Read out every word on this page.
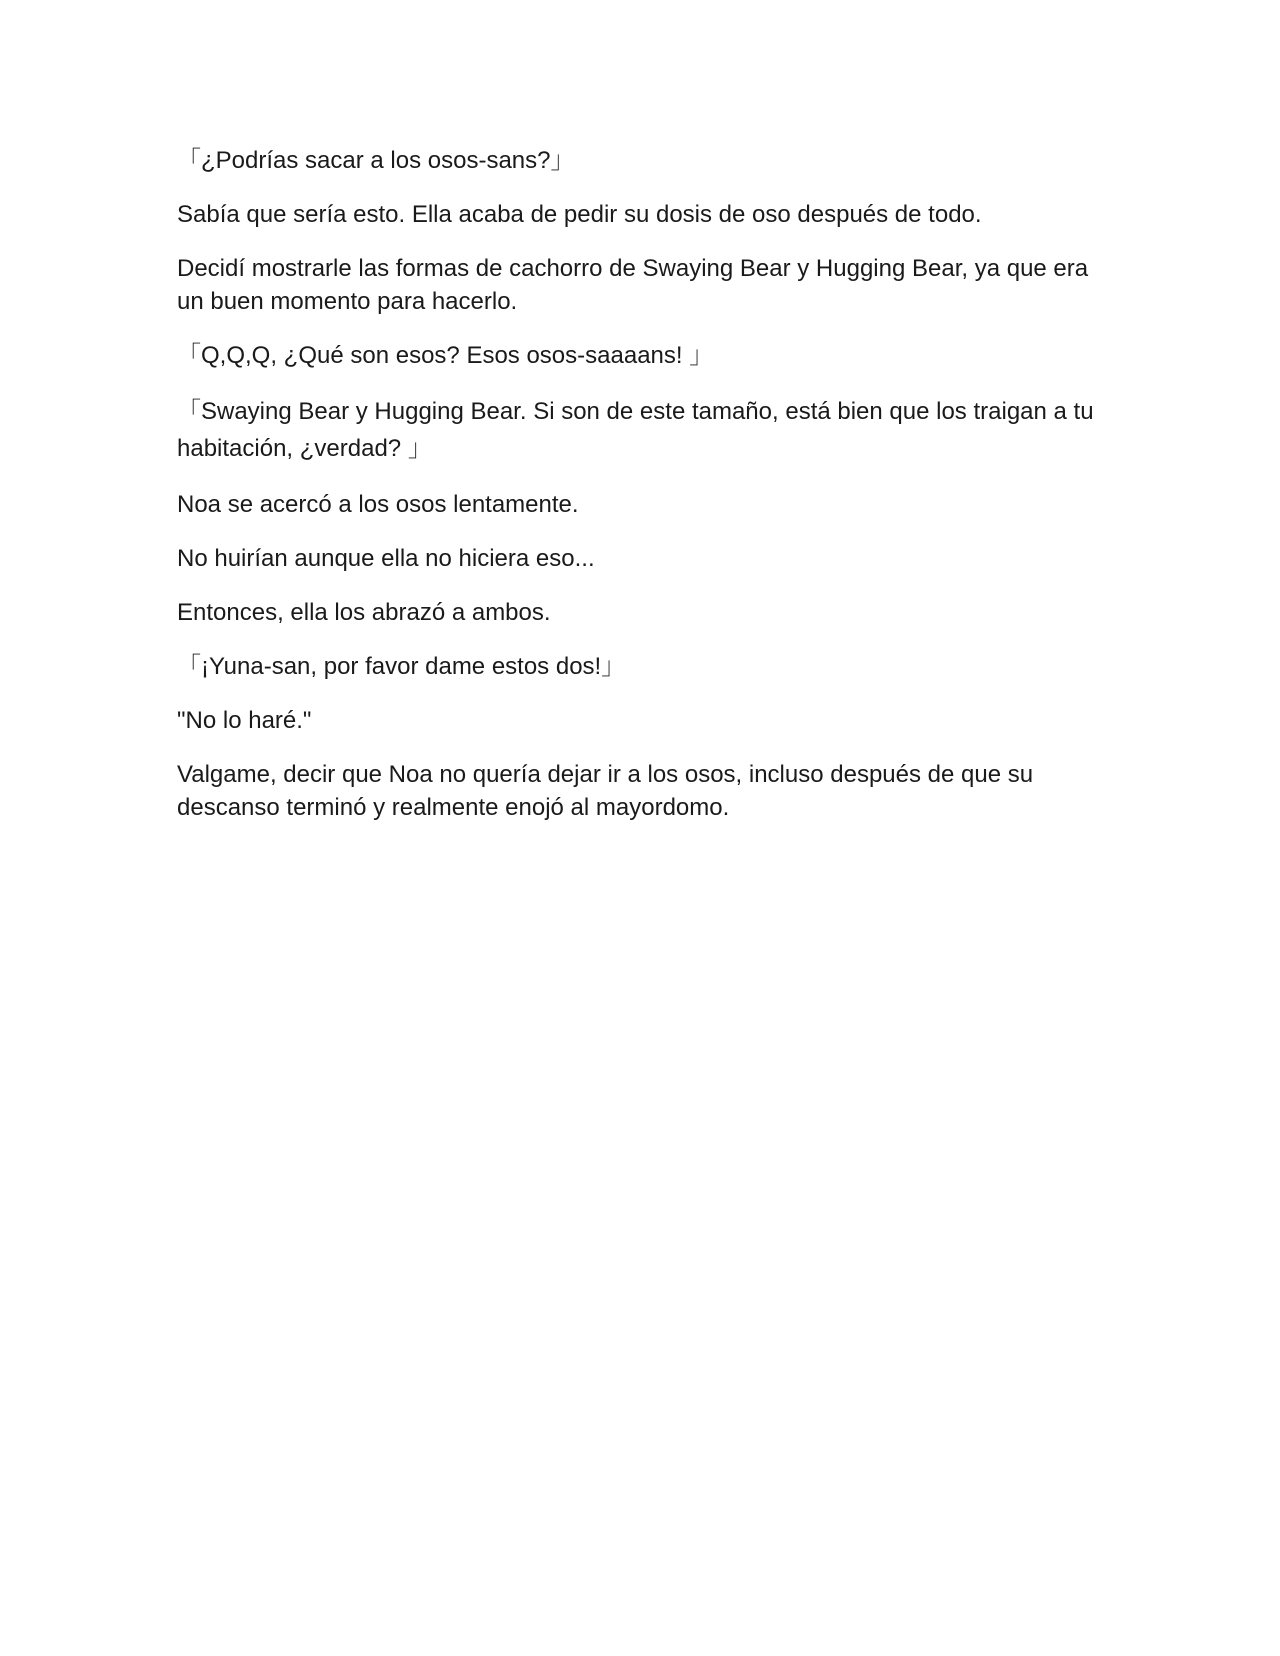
「¿Podrías sacar a los osos-sans?」

Sabía que sería esto. Ella acaba de pedir su dosis de oso después de todo.

Decidí mostrarle las formas de cachorro de Swaying Bear y Hugging Bear, ya que era un buen momento para hacerlo.

「Q,Q,Q, ¿Qué son esos? Esos osos-saaaans! 」

「Swaying Bear y Hugging Bear. Si son de este tamaño, está bien que los traigan a tu habitación, ¿verdad? 」

Noa se acercó a los osos lentamente.

No huirían aunque ella no hiciera eso...

Entonces, ella los abrazó a ambos.

「¡Yuna-san, por favor dame estos dos!」

"No lo haré."

Valgame, decir que Noa no quería dejar ir a los osos, incluso después de que su descanso terminó y realmente enojó al mayordomo.
